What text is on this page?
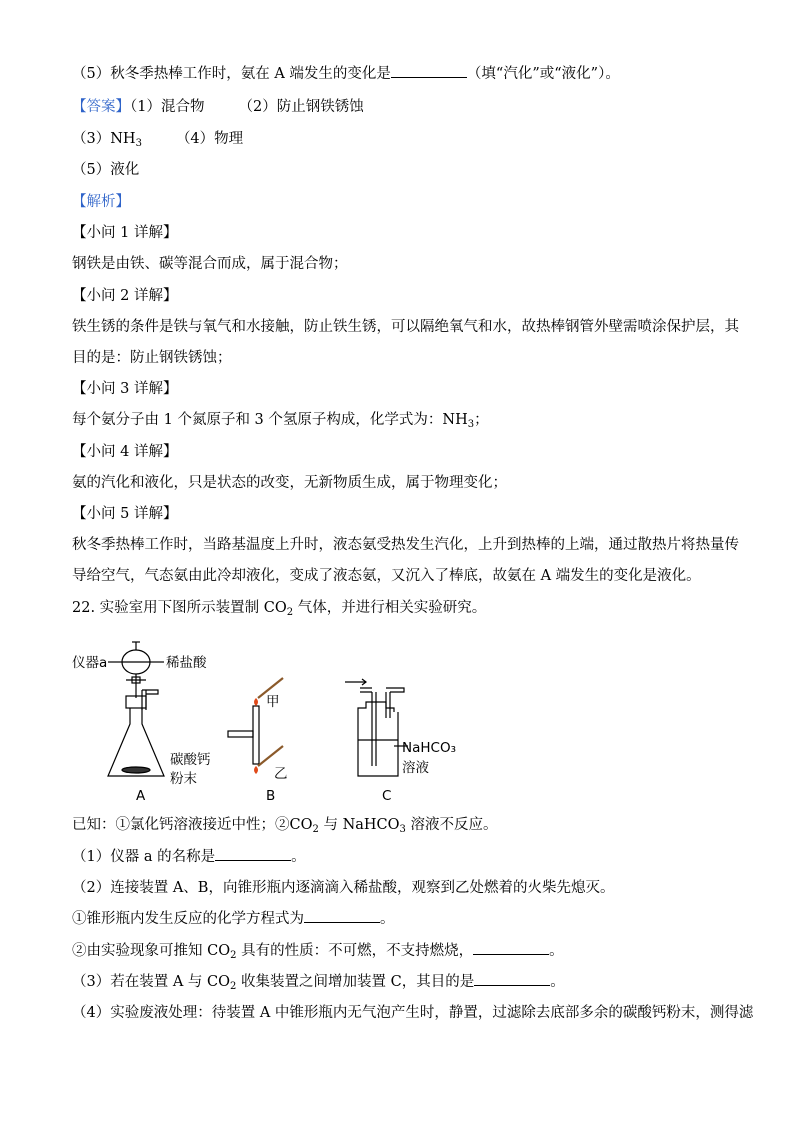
（5）秋冬季热棒工作时，氨在 A 端发生的变化是	（填“汽化”或“液化”）。
【答案】（1）混合物 （2）防止钢铁锈蚀
$(3)NH_3$ （4）物理
（5）液化
【解析】
【小问 1 详解】
钢铁是由铁、碳等混合而成，属于混合物；
【小问 2 详解】
铁生锈的条件是铁与氧气和水接触，防止铁生锈，可以隔绝氧气和水，故热棒钢管外壁需喷涂保护层，其
目的是：防止钢铁锈蚀；
【小问 3 详解】
每个氨分子由 1 个氮原子和 3 个氢原子构成，化学式为：$NH_3$；
【小问 4 详解】
氨的汽化和液化，只是状态的改变，无新物质生成，属于物理变化；
【小问 5 详解】
秋冬季热棒工作时，当路基温度上升时，液态氨受热发生汽化，上升到热棒的上端，通过散热片将热量传
导给空气，气态氨由此冷却液化，变成了液态氨，又沉入了棒底，故氨在 A 端发生的变化是液化。
22. 实验室用下图所示装置制 $CO_2$ 气体，并进行相关实验研究。
仪器a	稀盐酸
碳酸钙
粉末
甲
乙
NaHCO₃
溶液
A	B	C
已知：①氯化钙溶液接近中性；$②CO_2$ 与 NaHCO$_3$ 溶液不反应。
（1）仪器 a 的名称是	。
（2）连接装置 A、B，向锥形瓶内逐滴滴入稀盐酸，观察到乙处燃着的火柴先熄灭。
①锥形瓶内发生反应的化学方程式为	。
②由实验现象可推知 $CO_2$ 具有的性质：不可燃，不支持燃烧，	。
（3）若在装置 A 与 $CO_2$ 收集装置之间增加装置 C，其目的是	。
（4）实验废液处理：待装置 A 中锥形瓶内无气泡产生时，静置，过滤除去底部多余的碳酸钙粉末，测得滤
